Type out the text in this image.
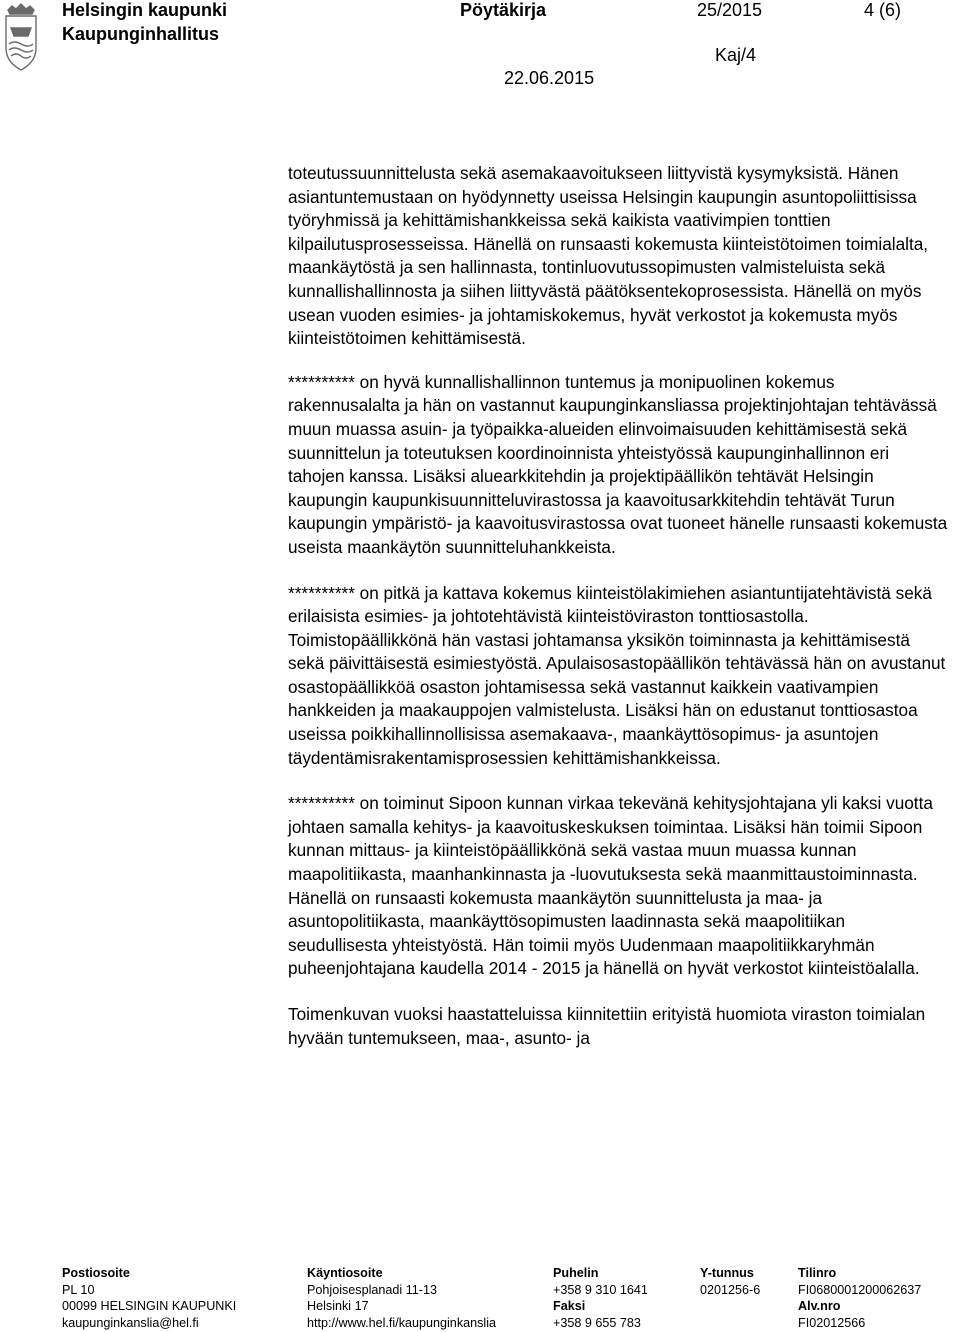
Helsingin kaupunki
Kaupunginhallitus
Pöytäkirja	25/2015	4 (6)
Kaj/4
22.06.2015

toteutussuunnittelusta sekä asemakaavoitukseen liittyvistä kysymyksistä. Hänen asiantuntemustaan on hyödynnetty useissa Helsingin kaupungin asuntopoliittisissa työryhmissä ja kehittämishankkeissa sekä kaikista vaativimpien tonttien kilpailutusprosesseissa. Hänellä on runsaasti kokemusta kiinteistötoimen toimialalta, maankäytöstä ja sen hallinnasta, tontinluovutussopimusten valmisteluista sekä kunnallishallinnosta ja siihen liittyvästä päätöksentekoprosessista. Hänellä on myös usean vuoden esimies- ja johtamiskokemus, hyvät verkostot ja kokemusta myös kiinteistötoimen kehittämisestä.

********** on hyvä kunnallishallinnon tuntemus ja monipuolinen kokemus rakennusalalta ja hän on vastannut kaupunginkansliassa projektinjohtajan tehtävässä muun muassa asuin- ja työpaikka-alueiden elinvoimaisuuden kehittämisestä sekä suunnittelun ja toteutuksen koordinoinnista yhteistyössä kaupunginhallinnon eri tahojen kanssa. Lisäksi aluearkkitehdin ja projektipäällikön tehtävät Helsingin kaupungin kaupunkisuunnitteluvirastossa ja kaavoitusarkkitehdin tehtävät Turun kaupungin ympäristö- ja kaavoitusvirastossa ovat tuoneet hänelle runsaasti kokemusta useista maankäytön suunnitteluhankkeista.

********** on pitkä ja kattava kokemus kiinteistölakimiehen asiantuntijatehtävistä sekä erilaisista esimies- ja johtotehtävistä kiinteistöviraston tonttiosastolla. Toimistopäällikkönä hän vastasi johtamansa yksikön toiminnasta ja kehittämisestä sekä päivittäisestä esimiestyöstä. Apulaisosastopäällikön tehtävässä hän on avustanut osastopäällikköä osaston johtamisessa sekä vastannut kaikkein vaativampien hankkeiden ja maakauppojen valmistelusta. Lisäksi hän on edustanut tonttiosastoa useissa poikkihallinnollisissa asemakaava-, maankäyttösopimus- ja asuntojen täydentämisrakentamisprosessien kehittämishankkeissa.

********** on toiminut Sipoon kunnan virkaa tekevänä kehitysjohtajana yli kaksi vuotta johtaen samalla kehitys- ja kaavoituskeskuksen toimintaa. Lisäksi hän toimii Sipoon kunnan mittaus- ja kiinteistöpäällikkönä sekä vastaa muun muassa kunnan maapolitiikasta, maanhankinnasta ja -luovutuksesta sekä maanmittaustoiminnasta. Hänellä on runsaasti kokemusta maankäytön suunnittelusta ja maa- ja asuntopolitiikasta, maankäyttösopimusten laadinnasta sekä maapolitiikan seudullisesta yhteistyöstä. Hän toimii myös Uudenmaan maapolitiikkaryhmän puheenjohtajana kaudella 2014 - 2015 ja hänellä on hyvät verkostot kiinteistöalalla.

Toimenkuvan vuoksi haastatteluissa kiinnitettiin erityistä huomiota viraston toimialan hyvään tuntemukseen, maa-, asunto- ja

Postiosoite
PL 10
00099 HELSINGIN KAUPUNKI
kaupunginkanslia@hel.fi
Käyntiosoite
Pohjoisesplanadi 11-13
Helsinki 17
http://www.hel.fi/kaupunginkanslia
Puhelin
+358 9 310 1641
Faksi
+358 9 655 783
Y-tunnus
0201256-6
Tilinro
FI0680001200062637
Alv.nro
FI02012566
